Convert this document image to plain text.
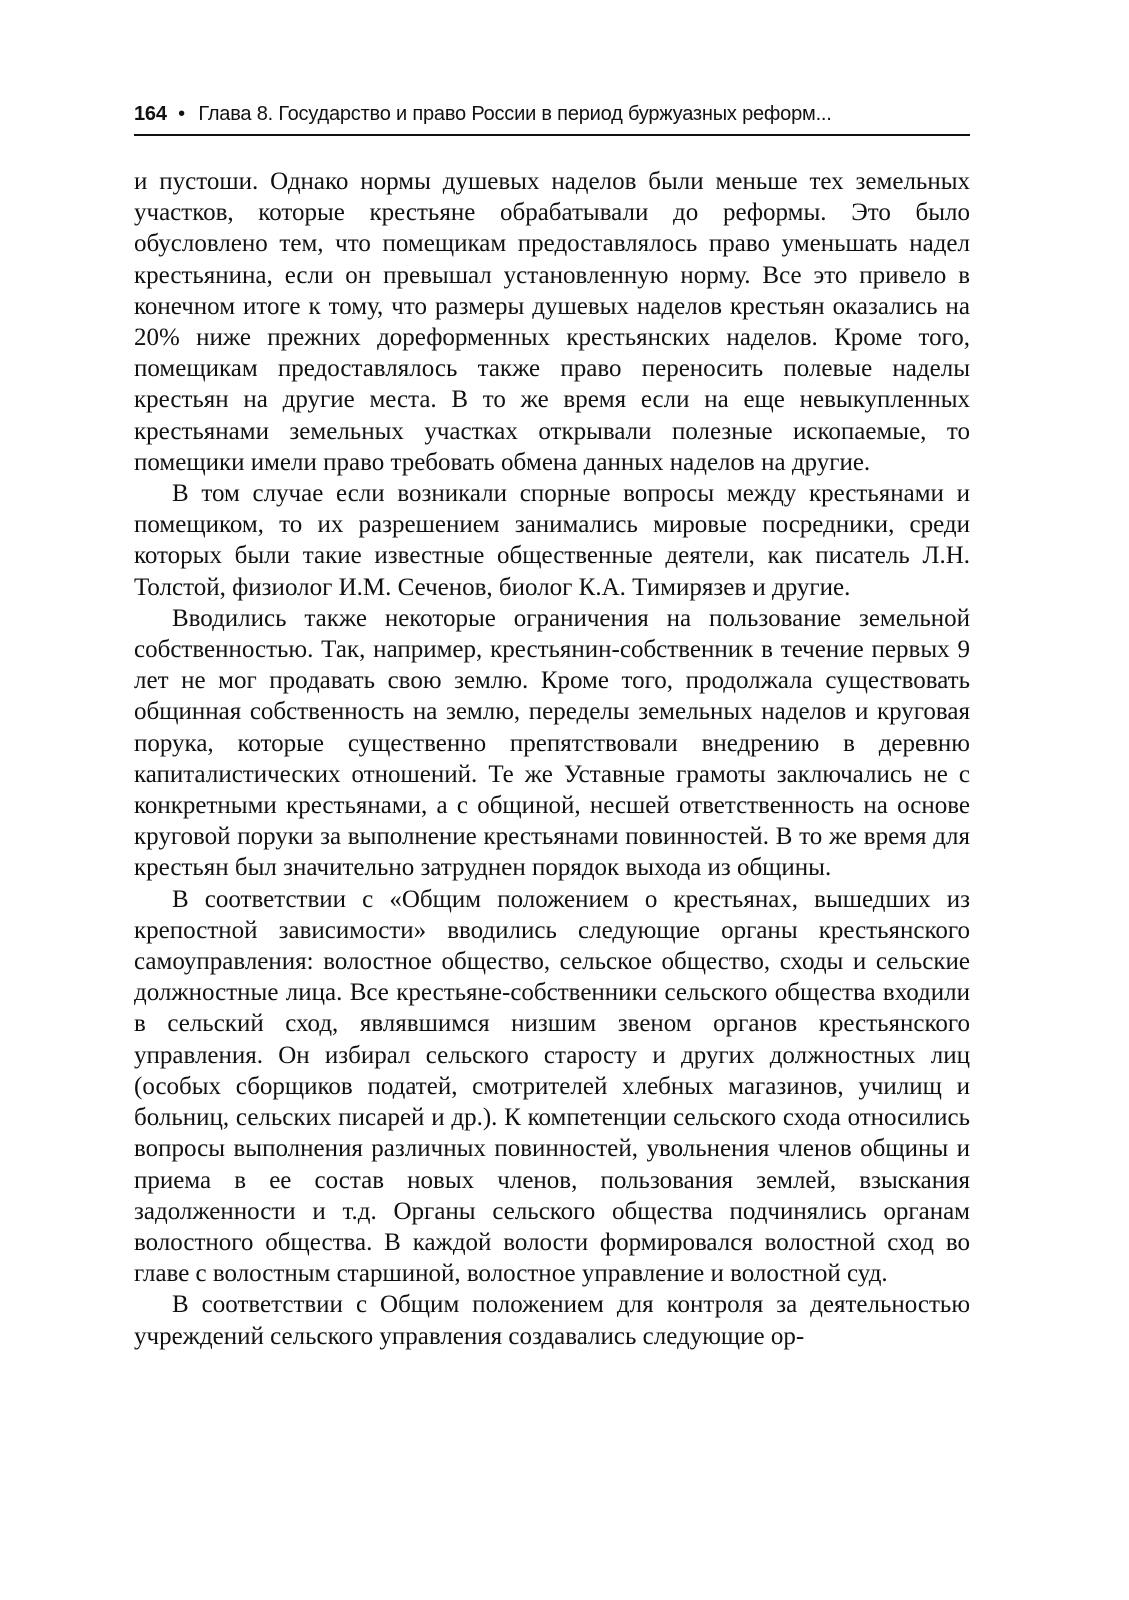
164 • Глава 8. Государство и право России в период буржуазных реформ...

и пустоши. Однако нормы душевых наделов были меньше тех земельных участков, которые крестьяне обрабатывали до реформы. Это было обусловлено тем, что помещикам предоставлялось право уменьшать надел крестьянина, если он превышал установленную норму. Все это привело в конечном итоге к тому, что размеры душевых наделов крестьян оказались на 20% ниже прежних дореформенных крестьянских наделов. Кроме того, помещикам предоставлялось также право переносить полевые наделы крестьян на другие места. В то же время если на еще невыкупленных крестьянами земельных участках открывали полезные ископаемые, то помещики имели право требовать обмена данных наделов на другие.

В том случае если возникали спорные вопросы между крестьянами и помещиком, то их разрешением занимались мировые посредники, среди которых были такие известные общественные деятели, как писатель Л.Н. Толстой, физиолог И.М. Сеченов, биолог К.А. Тимирязев и другие.

Вводились также некоторые ограничения на пользование земельной собственностью. Так, например, крестьянин-собственник в течение первых 9 лет не мог продавать свою землю. Кроме того, продолжала существовать общинная собственность на землю, переделы земельных наделов и круговая порука, которые существенно препятствовали внедрению в деревню капиталистических отношений. Те же Уставные грамоты заключались не с конкретными крестьянами, а с общиной, несшей ответственность на основе круговой поруки за выполнение крестьянами повинностей. В то же время для крестьян был значительно затруднен порядок выхода из общины.

В соответствии с «Общим положением о крестьянах, вышедших из крепостной зависимости» вводились следующие органы крестьянского самоуправления: волостное общество, сельское общество, сходы и сельские должностные лица. Все крестьяне-собственники сельского общества входили в сельский сход, являвшимся низшим звеном органов крестьянского управления. Он избирал сельского старосту и других должностных лиц (особых сборщиков податей, смотрителей хлебных магазинов, училищ и больниц, сельских писарей и др.). К компетенции сельского схода относились вопросы выполнения различных повинностей, увольнения членов общины и приема в ее состав новых членов, пользования землей, взыскания задолженности и т.д. Органы сельского общества подчинялись органам волостного общества. В каждой волости формировался волостной сход во главе с волостным старшиной, волостное управление и волостной суд.

В соответствии с Общим положением для контроля за деятельностью учреждений сельского управления создавались следующие ор-
